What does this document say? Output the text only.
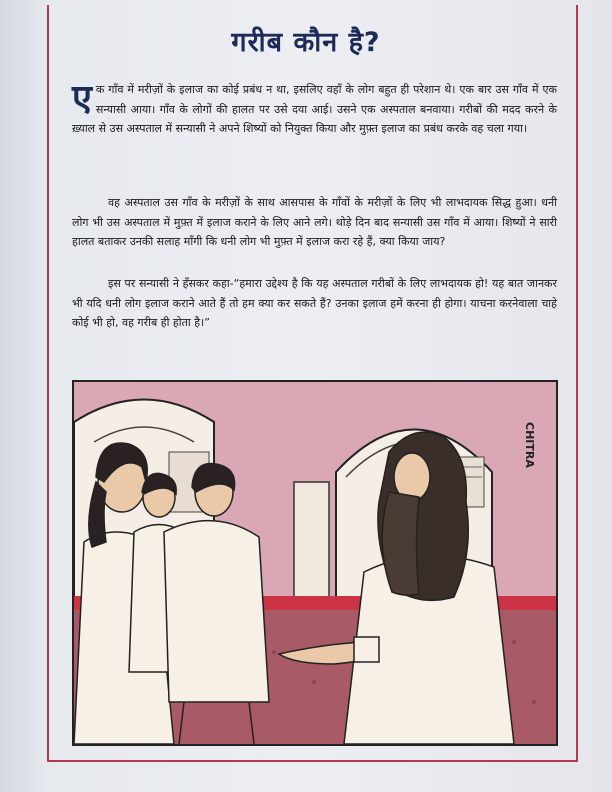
गरीब कौन है?
एक गाँव में मरीज़ों के इलाज का कोई प्रबंध न था, इसलिए वहाँ के लोग बहुत ही परेशान थे। एक बार उस गाँव में एक सन्यासी आया। गाँव के लोगों की हालत पर उसे दया आई। उसने एक अस्पताल बनवाया। गरीबों की मदद करने के ख़्याल से उस अस्पताल में सन्यासी ने अपने शिष्यों को नियुक्त किया और मुफ़्त इलाज का प्रबंध करके वह चला गया।
वह अस्पताल उस गाँव के मरीज़ों के साथ आसपास के गाँवों के मरीज़ों के लिए भी लाभदायक सिद्ध हुआ। धनी लोग भी उस अस्पताल में मुफ़्त में इलाज कराने के लिए आने लगे। थोड़े दिन बाद सन्यासी उस गाँव में आया। शिष्यों ने सारी हालत बताकर उनकी सलाह माँगी कि धनी लोग भी मुफ़्त में इलाज करा रहे हैं, क्या किया जाय?
इस पर सन्यासी ने हँसकर कहा-“हमारा उद्देश्य है कि यह अस्पताल गरीबों के लिए लाभदायक हो! यह बात जानकर भी यदि धनी लोग इलाज कराने आते हैं तो हम क्या कर सकते हैं? उनका इलाज हमें करना ही होगा। याचना करनेवाला चाहे कोई भी हो, वह गरीब ही होता है।”
CHITRA
